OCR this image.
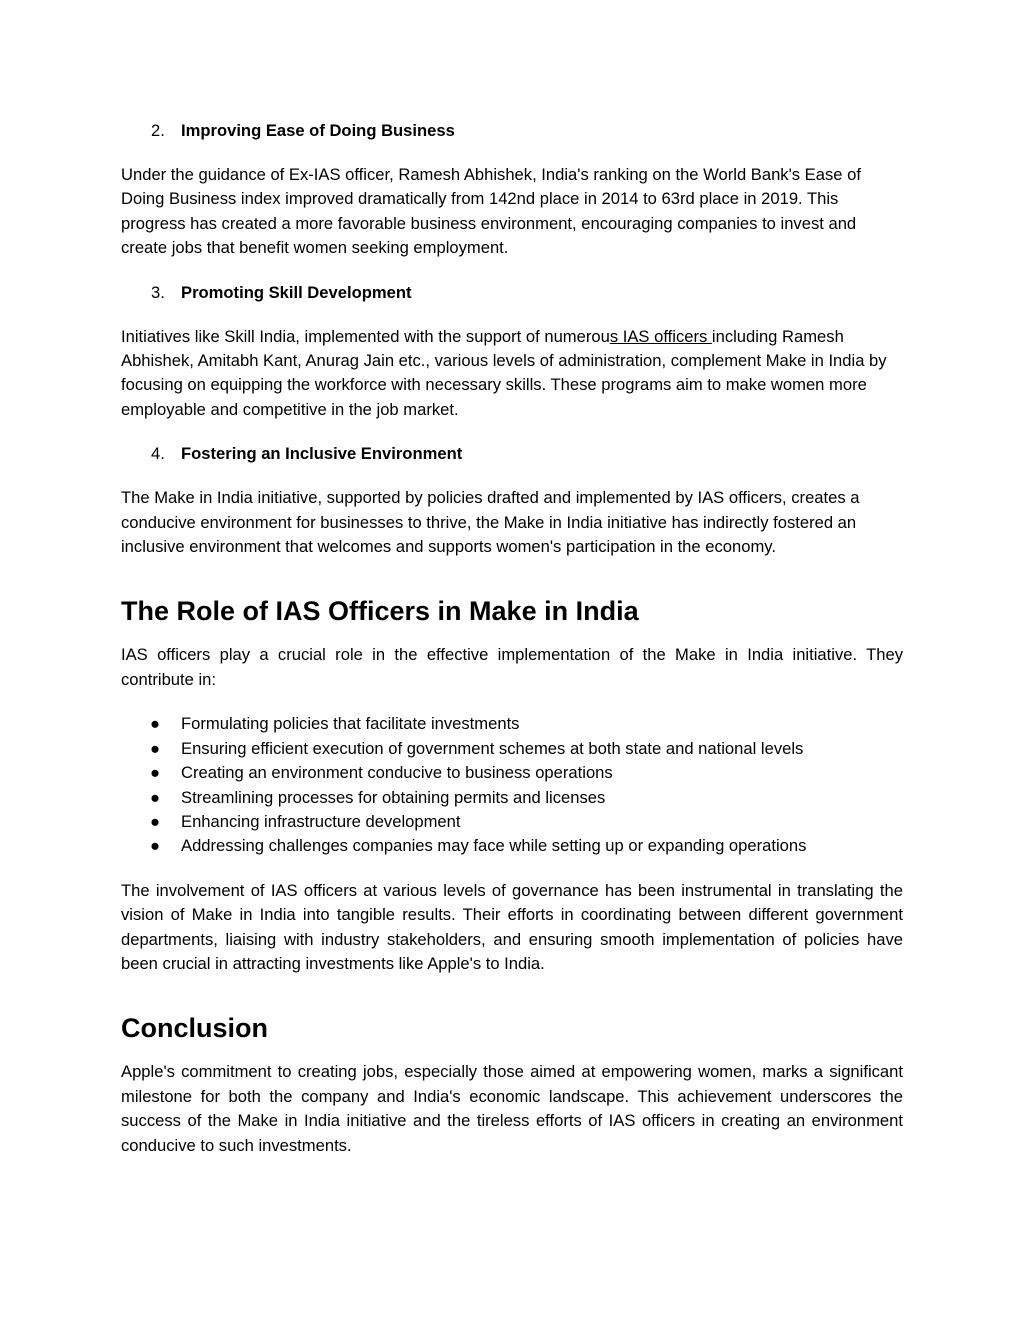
2. Improving Ease of Doing Business

Under the guidance of Ex-IAS officer, Ramesh Abhishek, India's ranking on the World Bank's Ease of Doing Business index improved dramatically from 142nd place in 2014 to 63rd place in 2019. This progress has created a more favorable business environment, encouraging companies to invest and create jobs that benefit women seeking employment.

3. Promoting Skill Development

Initiatives like Skill India, implemented with the support of numerous IAS officers including Ramesh Abhishek, Amitabh Kant, Anurag Jain etc., various levels of administration, complement Make in India by focusing on equipping the workforce with necessary skills. These programs aim to make women more employable and competitive in the job market.

4. Fostering an Inclusive Environment

The Make in India initiative, supported by policies drafted and implemented by IAS officers, creates a conducive environment for businesses to thrive, the Make in India initiative has indirectly fostered an inclusive environment that welcomes and supports women's participation in the economy.

The Role of IAS Officers in Make in India

IAS officers play a crucial role in the effective implementation of the Make in India initiative. They contribute in:

●	Formulating policies that facilitate investments
●	Ensuring efficient execution of government schemes at both state and national levels
●	Creating an environment conducive to business operations
●	Streamlining processes for obtaining permits and licenses
●	Enhancing infrastructure development
●	Addressing challenges companies may face while setting up or expanding operations

The involvement of IAS officers at various levels of governance has been instrumental in translating the vision of Make in India into tangible results. Their efforts in coordinating between different government departments, liaising with industry stakeholders, and ensuring smooth implementation of policies have been crucial in attracting investments like Apple's to India.

Conclusion

Apple's commitment to creating jobs, especially those aimed at empowering women, marks a significant milestone for both the company and India's economic landscape. This achievement underscores the success of the Make in India initiative and the tireless efforts of IAS officers in creating an environment conducive to such investments.
